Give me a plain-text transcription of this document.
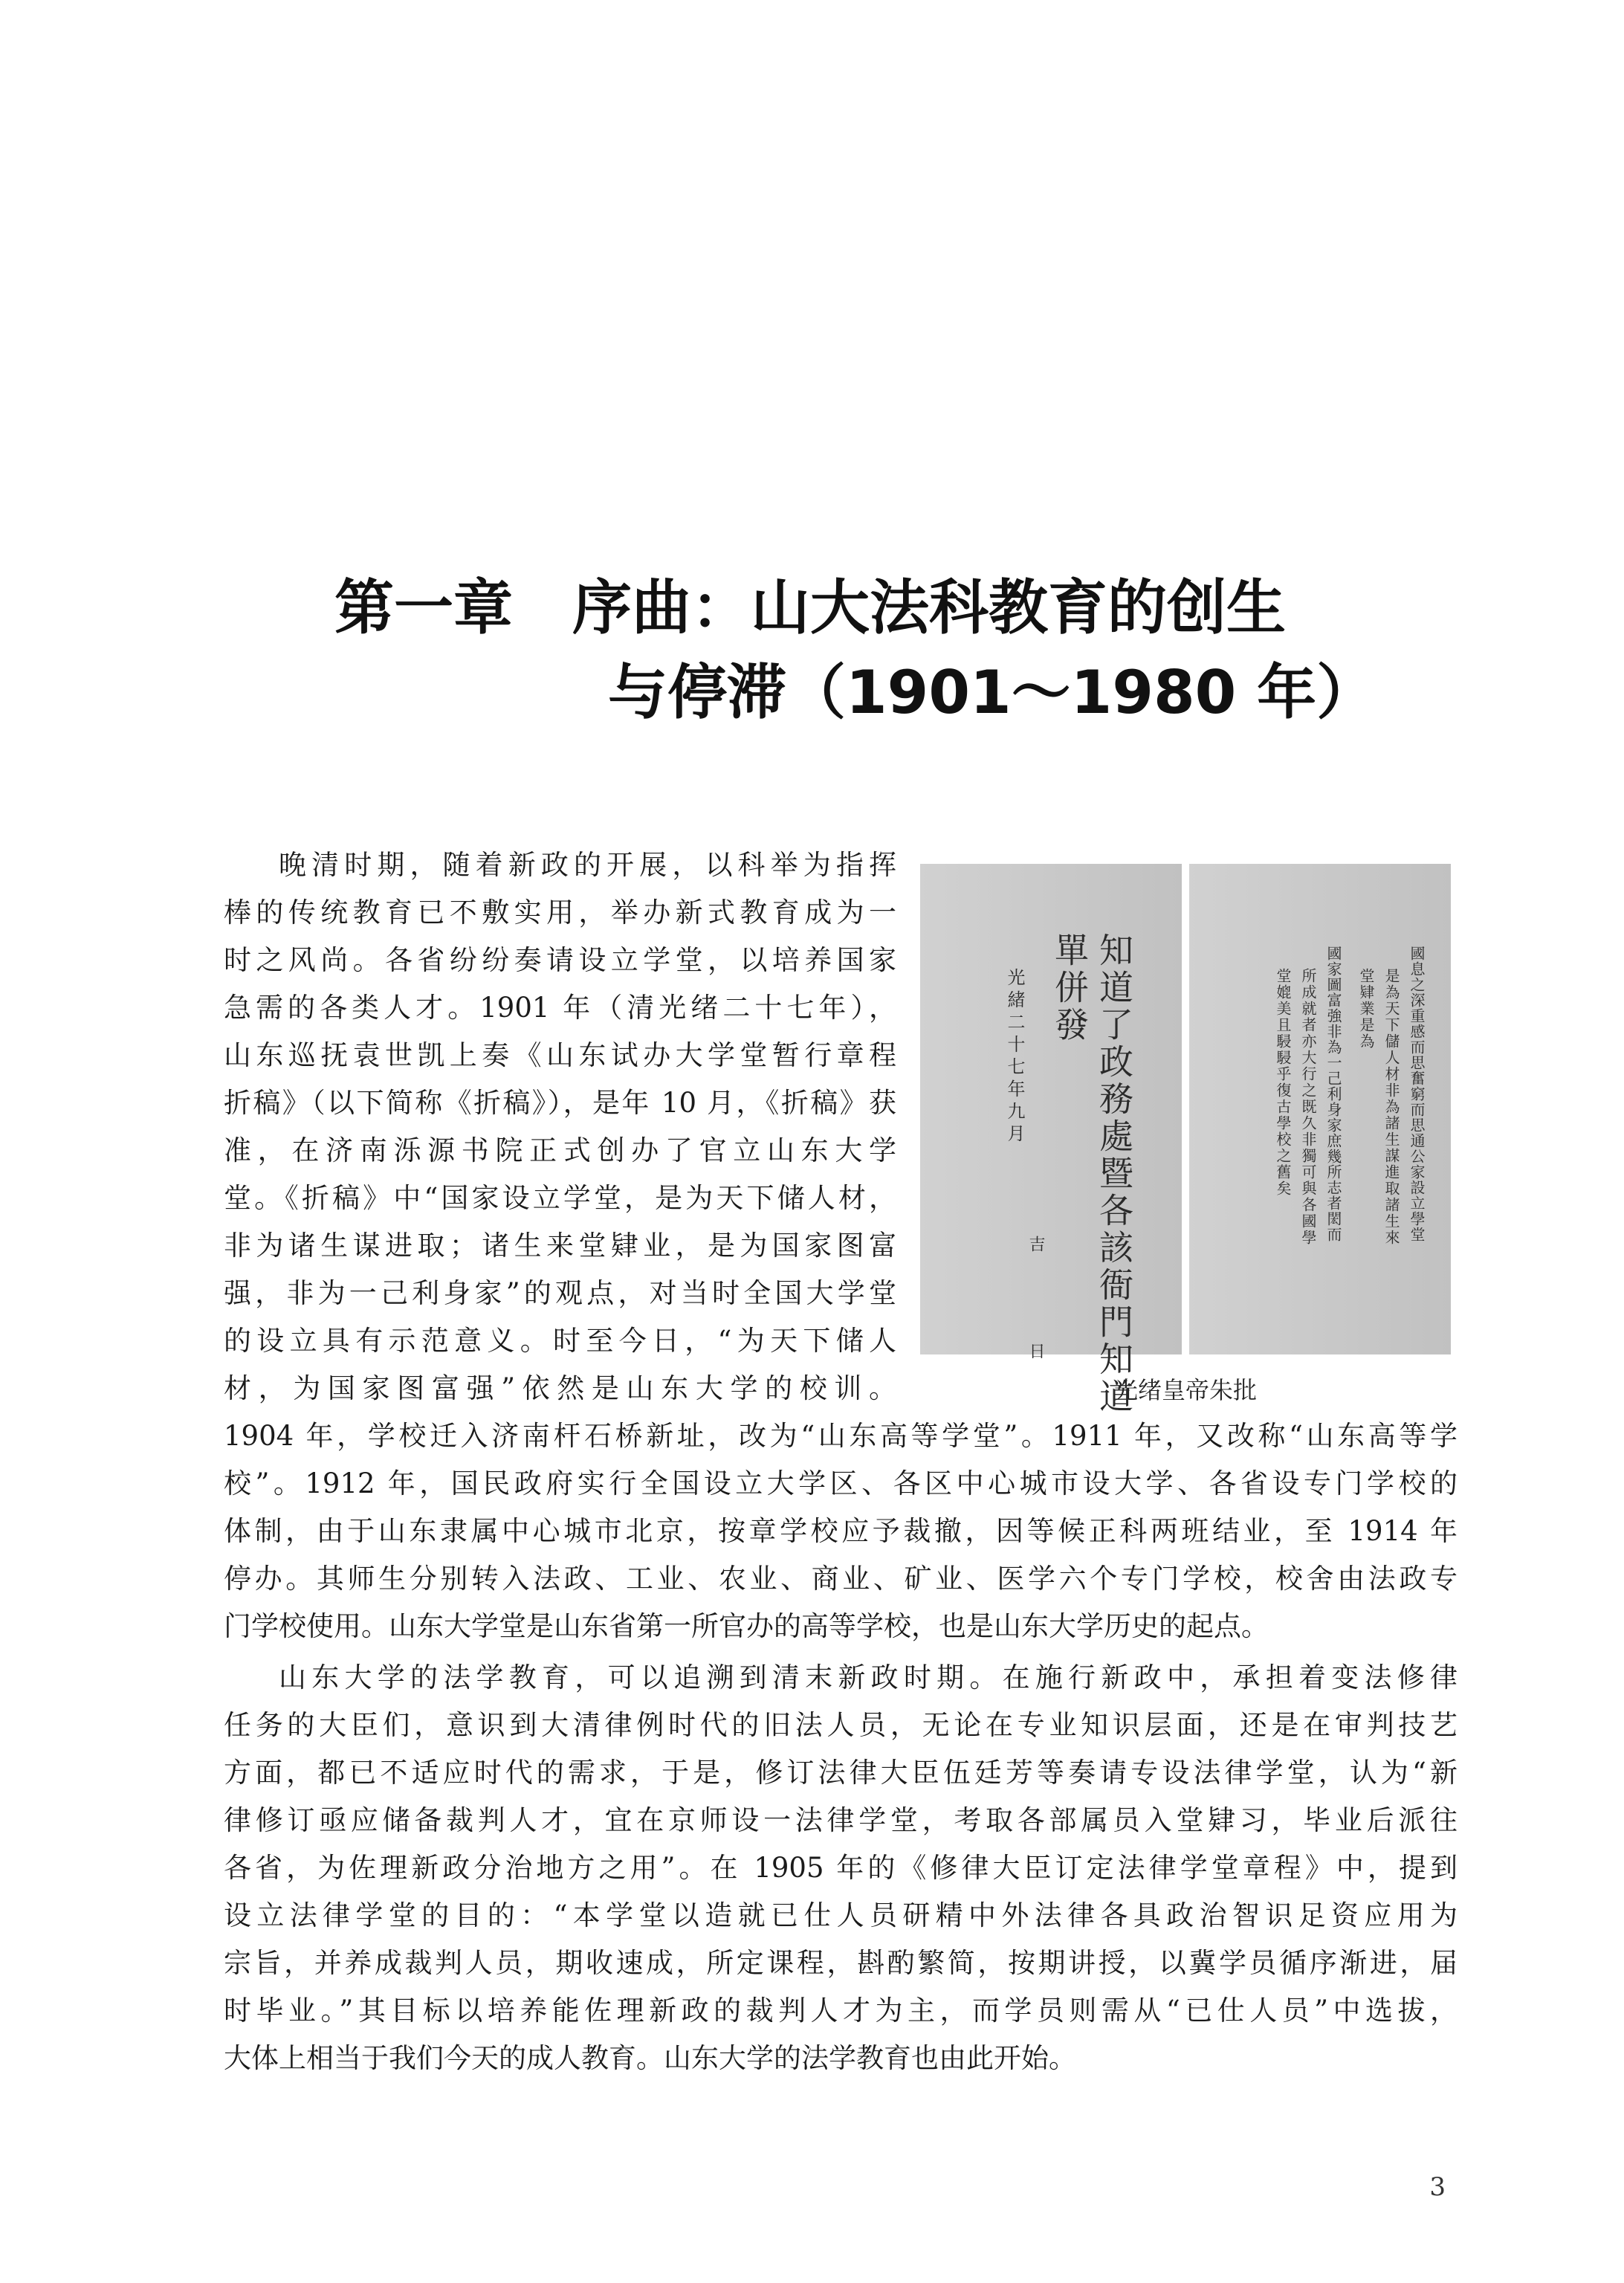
第一章　序曲：山大法科教育的创生
与停滞（1901～1980 年）
晚清时期，随着新政的开展，以科举为指挥
棒的传统教育已不敷实用，举办新式教育成为一
时之风尚。各省纷纷奏请设立学堂，以培养国家
急需的各类人才。1901 年（清光绪二十七年），
山东巡抚袁世凯上奏《山东试办大学堂暂行章程
折稿》（以下简称《折稿》），是年 10 月，《折稿》获
准，在济南泺源书院正式创办了官立山东大学
堂。《折稿》中“国家设立学堂，是为天下储人材，
非为诸生谋进取；诸生来堂肄业，是为国家图富
强，非为一己利身家”的观点，对当时全国大学堂
的设立具有示范意义。时至今日，“为天下储人
材，为国家图富强”依然是山东大学的校训。	知道了政務處暨各該衙門知道
單併發
光緒二十七年九月
吉　日
國息之深重感而思奮窮而思通公家設立學堂
是為天下儲人材非為諸生謀進取諸生來
堂肄業是為
國家圖富強非為一己利身家庶幾所志者閎而
所成就者亦大行之既久非獨可與各國學
堂媲美且駸駸乎復古學校之舊矣
光绪皇帝朱批
1904 年，学校迁入济南杆石桥新址，改为“山东高等学堂”。1911 年，又改称“山东高等学
校”。1912 年，国民政府实行全国设立大学区、各区中心城市设大学、各省设专门学校的
体制，由于山东隶属中心城市北京，按章学校应予裁撤，因等候正科两班结业，至 1914 年
停办。其师生分别转入法政、工业、农业、商业、矿业、医学六个专门学校，校舍由法政专
门学校使用。山东大学堂是山东省第一所官办的高等学校，也是山东大学历史的起点。
山东大学的法学教育，可以追溯到清末新政时期。在施行新政中，承担着变法修律
任务的大臣们，意识到大清律例时代的旧法人员，无论在专业知识层面，还是在审判技艺
方面，都已不适应时代的需求，于是，修订法律大臣伍廷芳等奏请专设法律学堂，认为“新
律修订亟应储备裁判人才，宜在京师设一法律学堂，考取各部属员入堂肄习，毕业后派往
各省，为佐理新政分治地方之用”。在 1905 年的《修律大臣订定法律学堂章程》中，提到
设立法律学堂的目的：“本学堂以造就已仕人员研精中外法律各具政治智识足资应用为
宗旨，并养成裁判人员，期收速成，所定课程，斟酌繁简，按期讲授，以冀学员循序渐进，届
时毕业。”其目标以培养能佐理新政的裁判人才为主，而学员则需从“已仕人员”中选拔，
大体上相当于我们今天的成人教育。山东大学的法学教育也由此开始。
3
